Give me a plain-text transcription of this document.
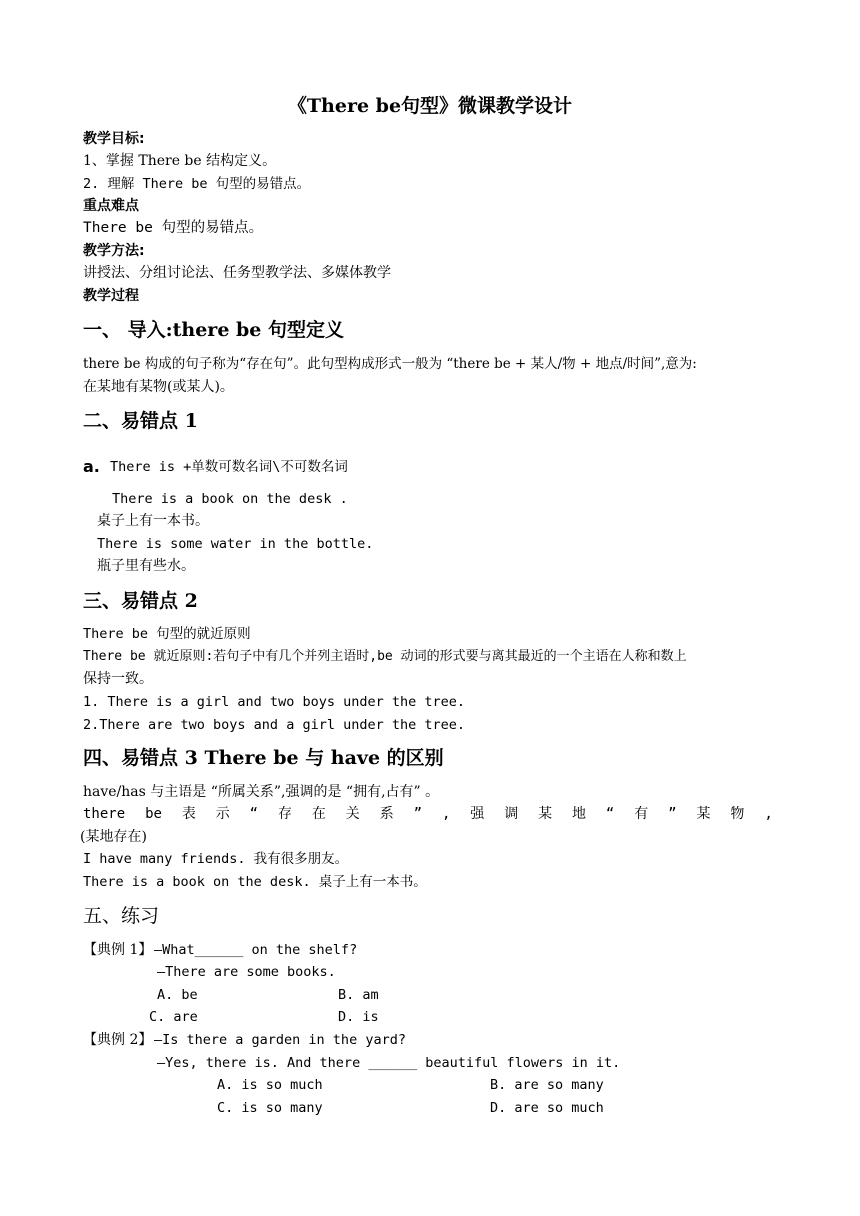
《There be句型》微课教学设计
教学目标:
1、掌握 There be 结构定义。
2. 理解 There be 句型的易错点。
重点难点
There be 句型的易错点。
教学方法:
讲授法、分组讨论法、任务型教学法、多媒体教学
教学过程
一、 导入:there be 句型定义
there be 构成的句子称为“存在句”。此句型构成形式一般为 “there be + 某人/物 + 地点/时间”,意为:
在某地有某物(或某人)。
二、易错点 1
a. There is +单数可数名词\不可数名词
There is a book on the desk .
桌子上有一本书。
There is some water in the bottle.
瓶子里有些水。
三、易错点 2
There be 句型的就近原则
There be 就近原则:若句子中有几个并列主语时,be 动词的形式要与离其最近的一个主语在人称和数上
保持一致。
1. There is a girl and two boys under the tree.
2.There are two boys and a girl under the tree.
四、易错点 3 There be 与 have 的区别
have/has 与主语是 “所属关系”,强调的是 “拥有,占有” 。
there be 表 示 “ 存 在 关 系 ” , 强 调 某 地 “ 有 ” 某 物 ,
(某地存在)
I have many friends. 我有很多朋友。
There is a book on the desk. 桌子上有一本书。
五、练习
【典例 1】 —What______ on the shelf?
—There are some books.
A. be	B. am
C. are	D. is
【典例 2】 —Is there a garden in the yard?
—Yes, there is. And there ______ beautiful flowers in it.
A. is so much	B. are so many
C. is so many	D. are so much
